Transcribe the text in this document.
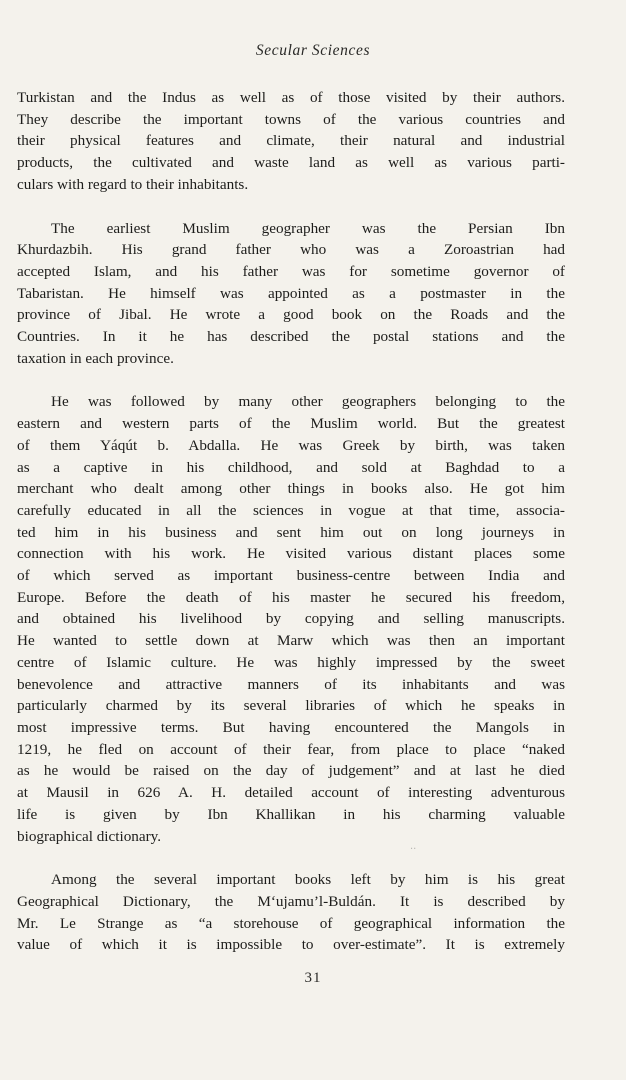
Secular Sciences

Turkistan and the Indus as well as of those visited by their authors.
They describe the important towns of the various countries and
their physical features and climate, their natural and industrial
products, the cultivated and waste land as well as various parti-
culars with regard to their inhabitants.

The earliest Muslim geographer was the Persian Ibn
Khurdazbih. His grand father who was a Zoroastrian had
accepted Islam, and his father was for sometime governor of
Tabaristan. He himself was appointed as a postmaster in the
province of Jibal. He wrote a good book on the Roads and the
Countries. In it he has described the postal stations and the
taxation in each province.

He was followed by many other geographers belonging to the
eastern and western parts of the Muslim world. But the greatest
of them Yáqút b. Abdalla. He was Greek by birth, was taken
as a captive in his childhood, and sold at Baghdad to a
merchant who dealt among other things in books also. He got him
carefully educated in all the sciences in vogue at that time, associa-
ted him in his business and sent him out on long journeys in
connection with his work. He visited various distant places some
of which served as important business-centre between India and
Europe. Before the death of his master he secured his freedom,
and obtained his livelihood by copying and selling manuscripts.
He wanted to settle down at Marw which was then an important
centre of Islamic culture. He was highly impressed by the sweet
benevolence and attractive manners of its inhabitants and was
particularly charmed by its several libraries of which he speaks in
most impressive terms. But having encountered the Mangols in
1219, he fled on account of their fear, from place to place “naked
as he would be raised on the day of judgement” and at last he died
at Mausil in 626 A. H. detailed account of interesting adventurous
life is given by Ibn Khallikan in his charming valuable
biographical dictionary.

Among the several important books left by him is his great
Geographical Dictionary, the M‘ujamu’l-Buldán. It is described by
Mr. Le Strange as “a storehouse of geographical information the
value of which it is impossible to over-estimate”. It is extremely

‧‧
31
